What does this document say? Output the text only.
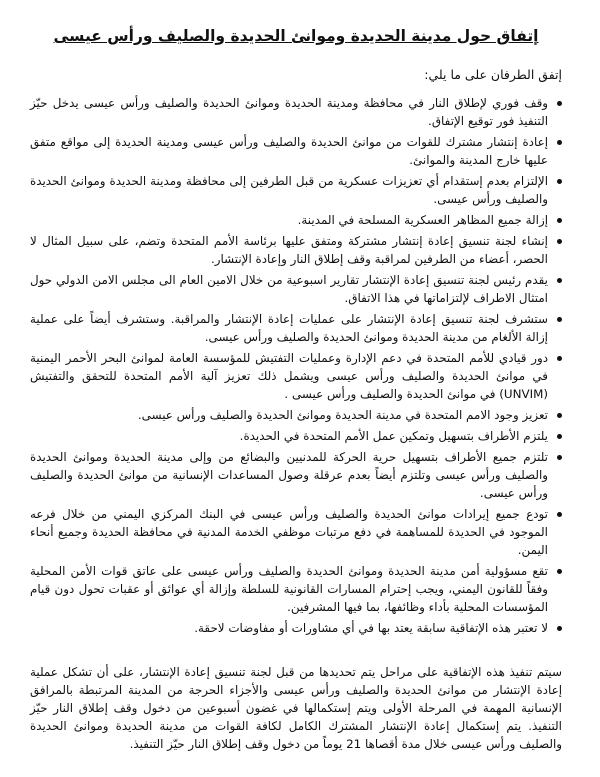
إتفاق حول مدينة الحديدة وموانئ الحديدة والصليف ورأس عيسى

إتفق الطرفان على ما يلي:

وقف فوري لإطلاق النار في محافظة ومدينة الحديدة وموانئ الحديدة والصليف ورأس عيسى يدخل حيّز التنفيذ فور توقيع الإتفاق.
إعادة إنتشار مشترك للقوات من موانئ الحديدة والصليف ورأس عيسى ومدينة الحديدة إلى مواقع متفق عليها خارج المدينة والموانئ.
الإلتزام بعدم إستقدام أي تعزيزات عسكرية من قبل الطرفين إلى محافظة ومدينة الحديدة وموانئ الحديدة والصليف ورأس عيسى.
إزالة جميع المظاهر العسكرية المسلحة في المدينة.
إنشاء لجنة تنسيق إعادة إنتشار مشتركة ومتفق عليها برئاسة الأمم المتحدة وتضم، على سبيل المثال لا الحصر، أعضاء من الطرفين لمراقبة وقف إطلاق النار وإعادة الإنتشار.
يقدم رئيس لجنة تنسيق إعادة الإنتشار تقارير اسبوعية من خلال الامين العام الى مجلس الامن الدولي حول امتثال الاطراف لإلتزاماتها في هذا الاتفاق.
ستشرف لجنة تنسيق إعادة الإنتشار على عمليات إعادة الإنتشار والمراقبة. وستشرف أيضاً على عملية إزالة الألغام من مدينة الحديدة وموانئ الحديدة والصليف ورأس عيسى.
دور قيادي للأمم المتحدة في دعم الإدارة وعمليات التفتيش للمؤسسة العامة لموانئ البحر الأحمر اليمنية في موانئ الحديدة والصليف ورأس عيسى ويشمل ذلك تعزيز آلية الأمم المتحدة للتحقق والتفتيش (UNVIM) في موانئ الحديدة والصليف ورأس عيسى .
تعزيز وجود الامم المتحدة في مدينة الحديدة وموانئ الحديدة والصليف ورأس عيسى.
يلتزم الأطراف بتسهيل وتمكين عمل الأمم المتحدة في الحديدة.
تلتزم جميع الأطراف بتسهيل حرية الحركة للمدنيين والبضائع من وإلى مدينة الحديدة وموانئ الحديدة والصليف ورأس عيسى وتلتزم أيضاً بعدم عرقلة وصول المساعدات الإنسانية من موانئ الحديدة والصليف ورأس عيسى.
تودع جميع إيرادات موانئ الحديدة والصليف ورأس عيسى في البنك المركزي اليمني من خلال فرعه الموجود في الحديدة للمساهمة في دفع مرتبات موظفي الخدمة المدنية في محافظة الحديدة وجميع أنحاء اليمن.
تقع مسؤولية أمن مدينة الحديدة وموانئ الحديدة والصليف ورأس عيسى على عاتق قوات الأمن المحلية وفقاً للقانون اليمني، ويجب إحترام المسارات القانونية للسلطة وإزالة أي عوائق أو عقبات تحول دون قيام المؤسسات المحلية بأداء وظائفها، بما فيها المشرفين.
لا تعتبر هذه الإتفاقية سابقة يعتد بها في أي مشاورات أو مفاوضات لاحقة.

سيتم تنفيذ هذه الإتفاقية على مراحل يتم تحديدها من قبل لجنة تنسيق إعادة الإنتشار، على أن تشكل عملية إعادة الإنتشار من موانئ الحديدة والصليف ورأس عيسى والأجزاء الحرجة من المدينة المرتبطة بالمرافق الإنسانية المهمة في المرحلة الأولى ويتم إستكمالها في غضون أسبوعين من دخول وقف إطلاق النار حيّز التنفيذ. يتم إستكمال إعادة الإنتشار المشترك الكامل لكافة القوات من مدينة الحديدة وموانئ الحديدة والصليف ورأس عيسى خلال مدة أقصاها 21 يوماً من دخول وقف إطلاق النار حيّز التنفيذ.
